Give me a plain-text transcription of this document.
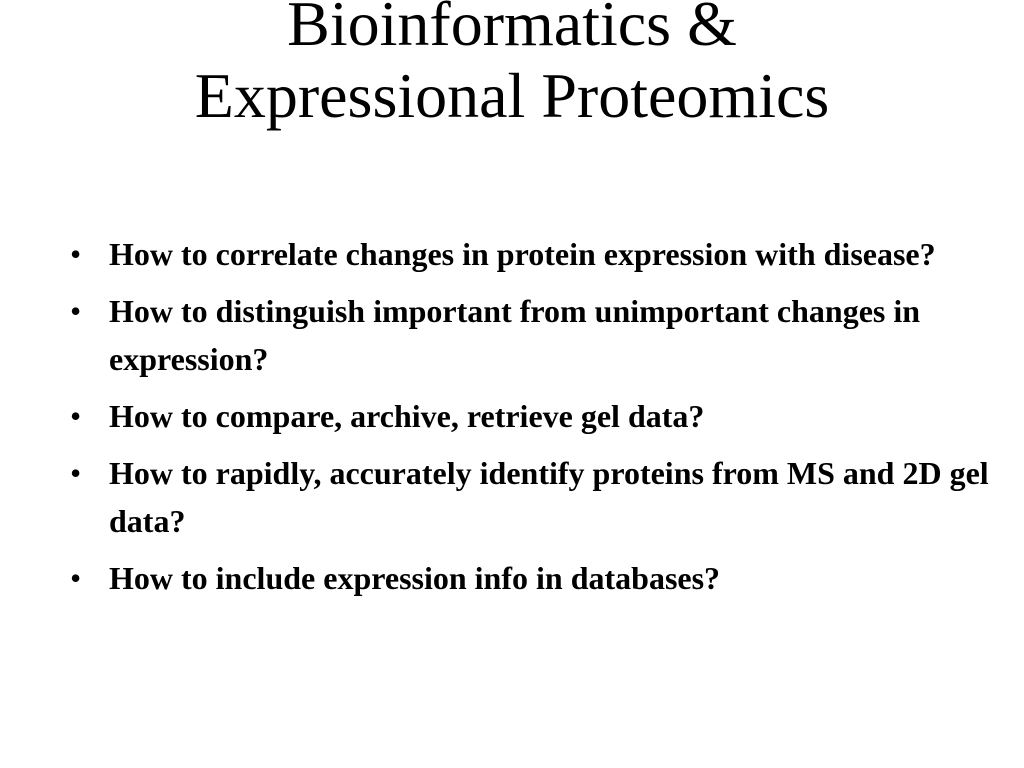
Bioinformatics &
Expressional Proteomics
• How to correlate changes in protein expression with disease?
• How to distinguish important from unimportant changes in expression?
• How to compare, archive, retrieve gel data?
• How to rapidly, accurately identify proteins from MS and 2D gel data?
• How to include expression info in databases?
